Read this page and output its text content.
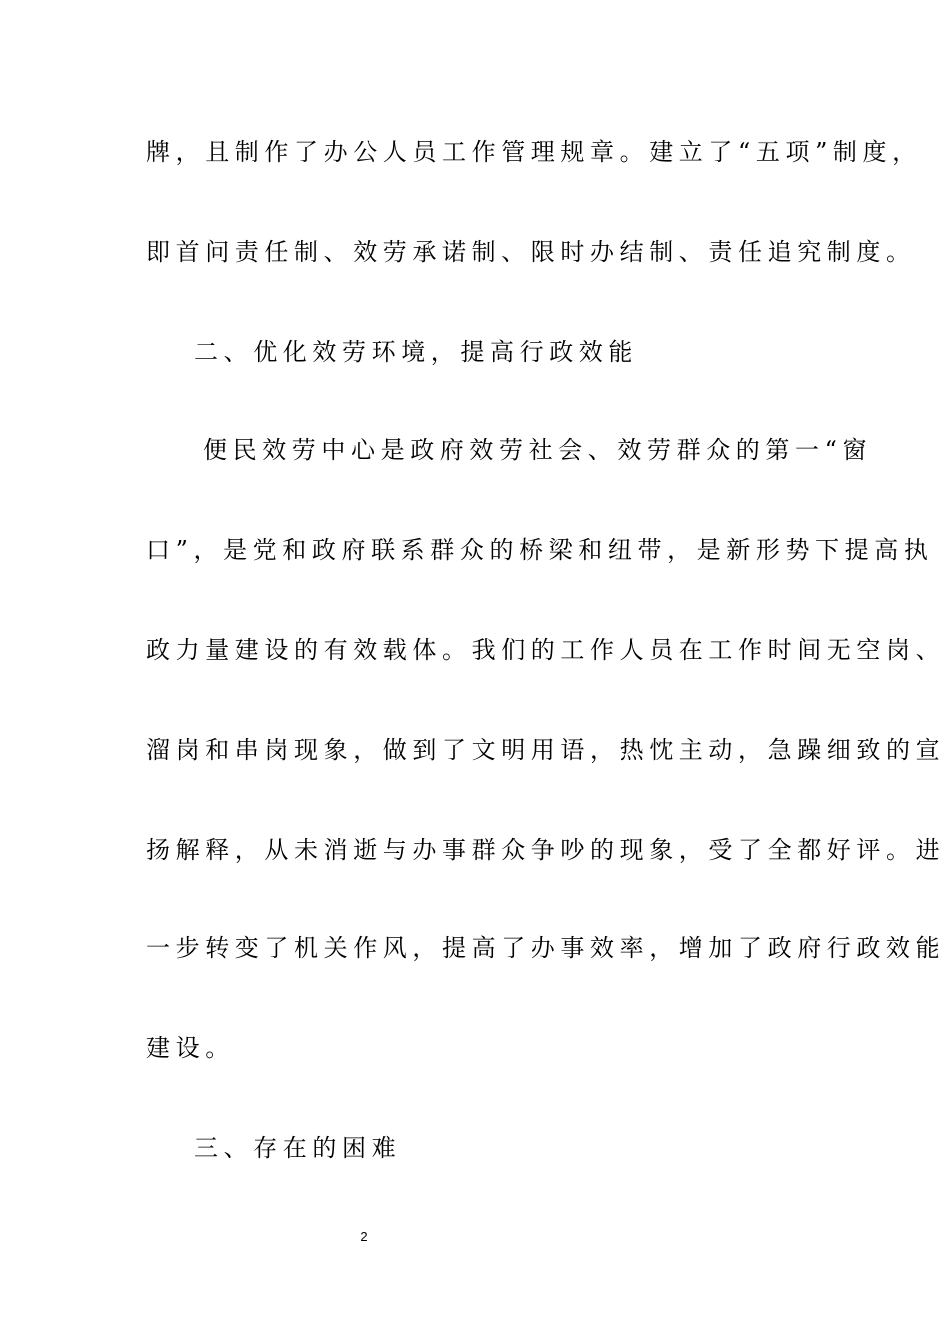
牌，且制作了办公人员工作管理规章。建立了“五项”制度，
即首问责任制、效劳承诺制、限时办结制、责任追究制度。
二、优化效劳环境，提高行政效能
便民效劳中心是政府效劳社会、效劳群众的第一“窗
口”，是党和政府联系群众的桥梁和纽带，是新形势下提高执
政力量建设的有效载体。我们的工作人员在工作时间无空岗、
溜岗和串岗现象，做到了文明用语，热忱主动，急躁细致的宣
扬解释，从未消逝与办事群众争吵的现象，受了全都好评。进
一步转变了机关作风，提高了办事效率，增加了政府行政效能
建设。
三、存在的困难
2
